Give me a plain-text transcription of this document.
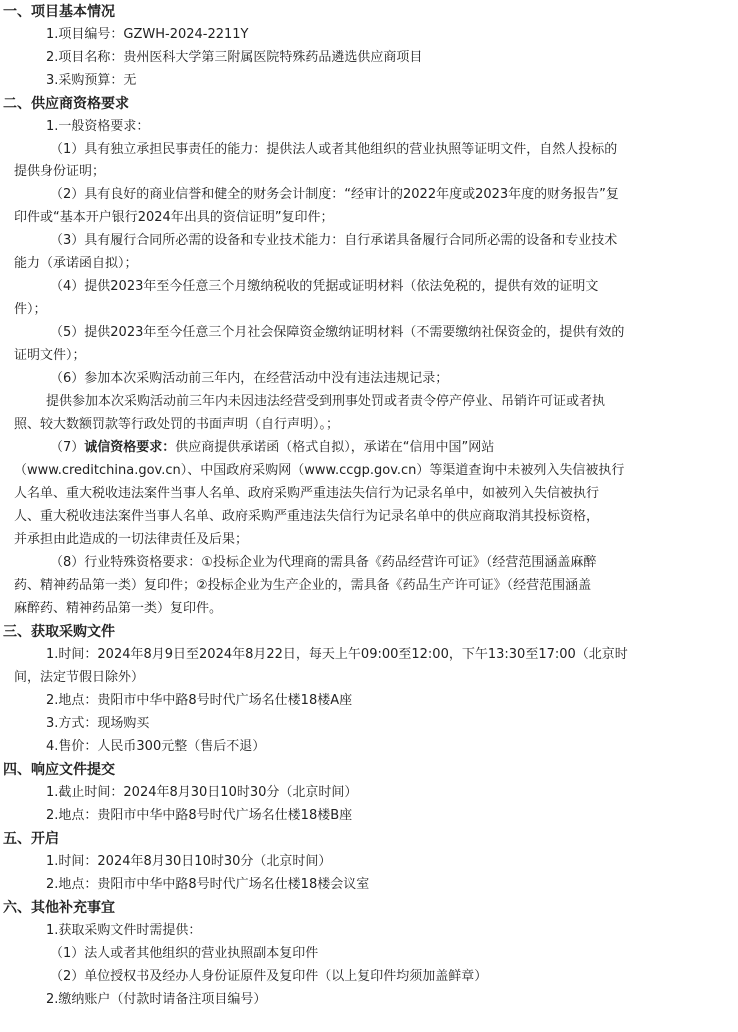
一、项目基本情况
1.项目编号：GZWH-2024-2211Y
2.项目名称：贵州医科大学第三附属医院特殊药品遴选供应商项目
3.采购预算：无
二、供应商资格要求
1.一般资格要求：
（1）具有独立承担民事责任的能力：提供法人或者其他组织的营业执照等证明文件，自然人投标的
提供身份证明；
（2）具有良好的商业信誉和健全的财务会计制度：“经审计的2022年度或2023年度的财务报告”复
印件或“基本开户银行2024年出具的资信证明”复印件；
（3）具有履行合同所必需的设备和专业技术能力：自行承诺具备履行合同所必需的设备和专业技术
能力（承诺函自拟）；
（4）提供2023年至今任意三个月缴纳税收的凭据或证明材料（依法免税的，提供有效的证明文
件）；
（5）提供2023年至今任意三个月社会保障资金缴纳证明材料（不需要缴纳社保资金的，提供有效的
证明文件）；
（6）参加本次采购活动前三年内，在经营活动中没有违法违规记录；
提供参加本次采购活动前三年内未因违法经营受到刑事处罚或者责令停产停业、吊销许可证或者执
照、较大数额罚款等行政处罚的书面声明（自行声明）。；
（7）诚信资格要求：供应商提供承诺函（格式自拟），承诺在“信用中国”网站
（www.creditchina.gov.cn）、中国政府采购网（www.ccgp.gov.cn）等渠道查询中未被列入失信被执行
人名单、重大税收违法案件当事人名单、政府采购严重违法失信行为记录名单中，如被列入失信被执行
人、重大税收违法案件当事人名单、政府采购严重违法失信行为记录名单中的供应商取消其投标资格，
并承担由此造成的一切法律责任及后果；
（8）行业特殊资格要求：①投标企业为代理商的需具备《药品经营许可证》（经营范围涵盖麻醉
药、精神药品第一类）复印件；②投标企业为生产企业的，需具备《药品生产许可证》（经营范围涵盖
麻醉药、精神药品第一类）复印件。
三、获取采购文件
1.时间：2024年8月9日至2024年8月22日，每天上午09:00至12:00，下午13:30至17:00（北京时
间，法定节假日除外）
2.地点：贵阳市中华中路8号时代广场名仕楼18楼A座
3.方式：现场购买
4.售价：人民币300元整（售后不退）
四、响应文件提交
1.截止时间：2024年8月30日10时30分（北京时间）
2.地点：贵阳市中华中路8号时代广场名仕楼18楼B座
五、开启
1.时间：2024年8月30日10时30分（北京时间）
2.地点：贵阳市中华中路8号时代广场名仕楼18楼会议室
六、其他补充事宜
1.获取采购文件时需提供：
（1）法人或者其他组织的营业执照副本复印件
（2）单位授权书及经办人身份证原件及复印件（以上复印件均须加盖鲜章）
2.缴纳账户（付款时请备注项目编号）
